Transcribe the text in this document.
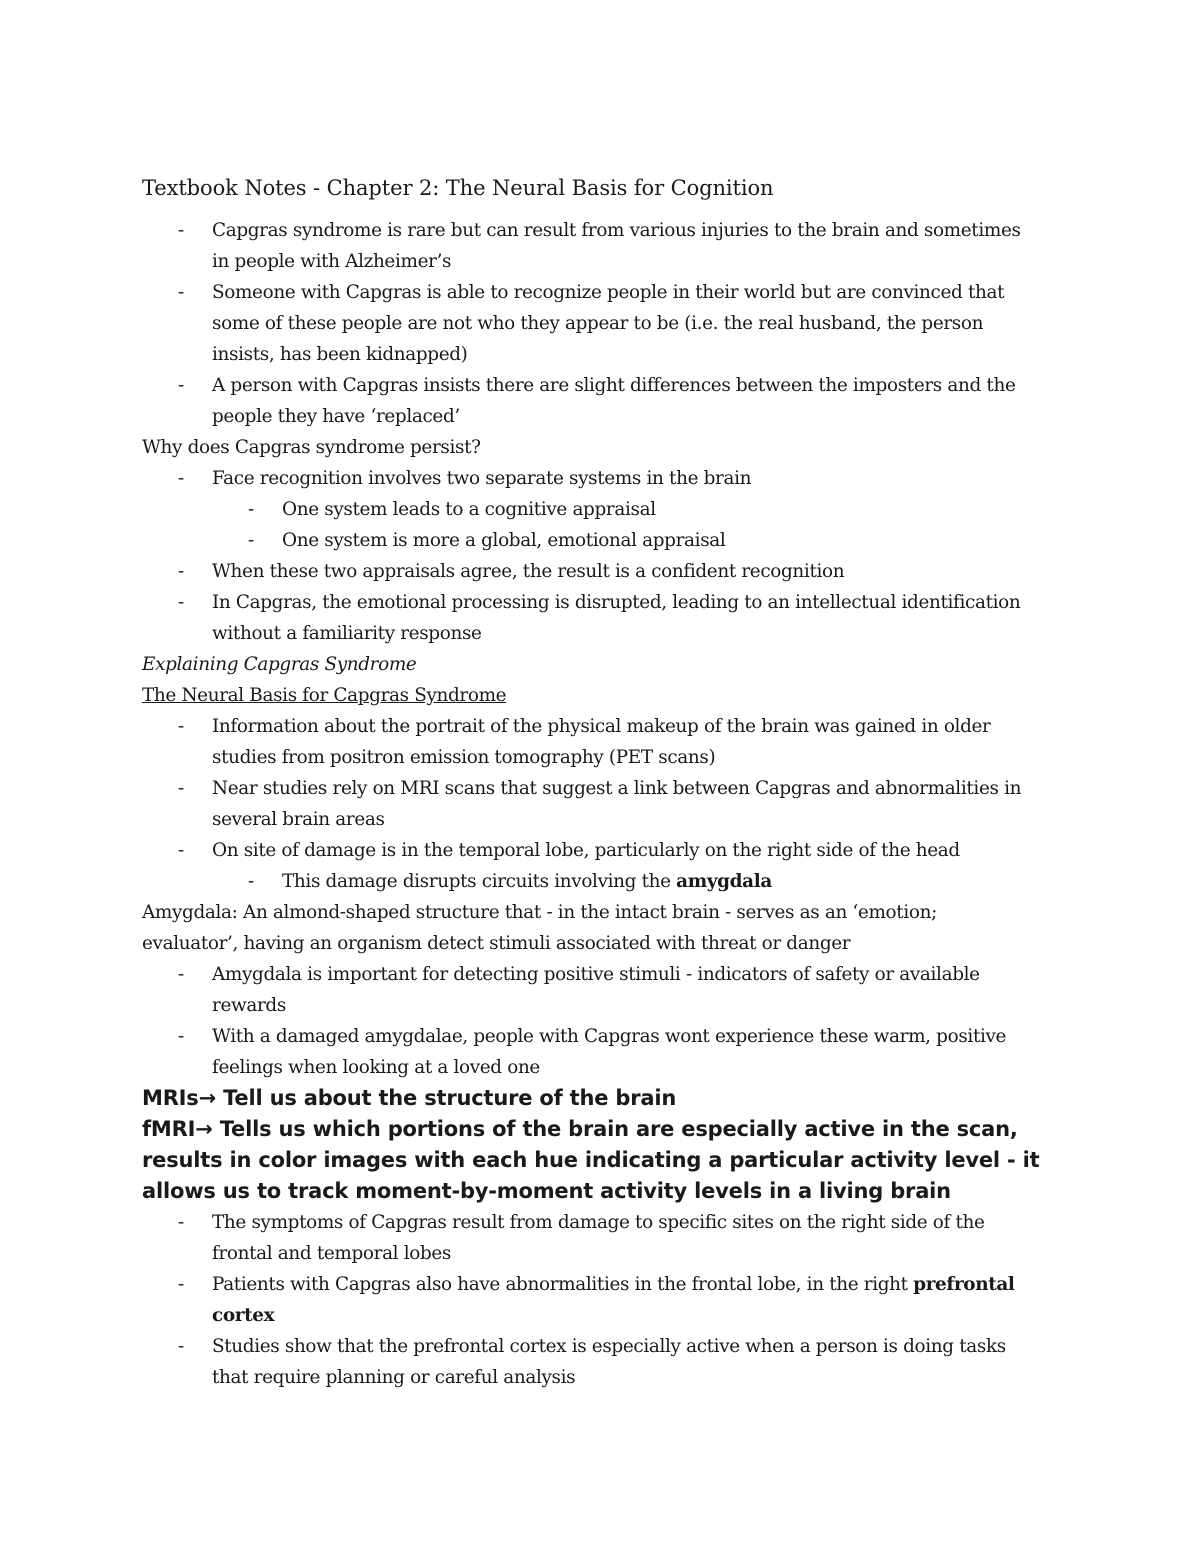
Textbook Notes - Chapter 2: The Neural Basis for Cognition
- Capgras syndrome is rare but can result from various injuries to the brain and sometimes
in people with Alzheimer’s
- Someone with Capgras is able to recognize people in their world but are convinced that
some of these people are not who they appear to be (i.e. the real husband, the person
insists, has been kidnapped)
- A person with Capgras insists there are slight differences between the imposters and the
people they have ‘replaced’
Why does Capgras syndrome persist?
- Face recognition involves two separate systems in the brain
- One system leads to a cognitive appraisal
- One system is more a global, emotional appraisal
- When these two appraisals agree, the result is a confident recognition
- In Capgras, the emotional processing is disrupted, leading to an intellectual identification
without a familiarity response
Explaining Capgras Syndrome
The Neural Basis for Capgras Syndrome
- Information about the portrait of the physical makeup of the brain was gained in older
studies from positron emission tomography (PET scans)
- Near studies rely on MRI scans that suggest a link between Capgras and abnormalities in
several brain areas
- On site of damage is in the temporal lobe, particularly on the right side of the head
- This damage disrupts circuits involving the amygdala
Amygdala: An almond-shaped structure that - in the intact brain - serves as an ‘emotion;
evaluator’, having an organism detect stimuli associated with threat or danger
- Amygdala is important for detecting positive stimuli - indicators of safety or available
rewards
- With a damaged amygdalae, people with Capgras wont experience these warm, positive
feelings when looking at a loved one
MRIs→ Tell us about the structure of the brain
fMRI→ Tells us which portions of the brain are especially active in the scan,
results in color images with each hue indicating a particular activity level - it
allows us to track moment-by-moment activity levels in a living brain
- The symptoms of Capgras result from damage to specific sites on the right side of the
frontal and temporal lobes
- Patients with Capgras also have abnormalities in the frontal lobe, in the right prefrontal
cortex
- Studies show that the prefrontal cortex is especially active when a person is doing tasks
that require planning or careful analysis
